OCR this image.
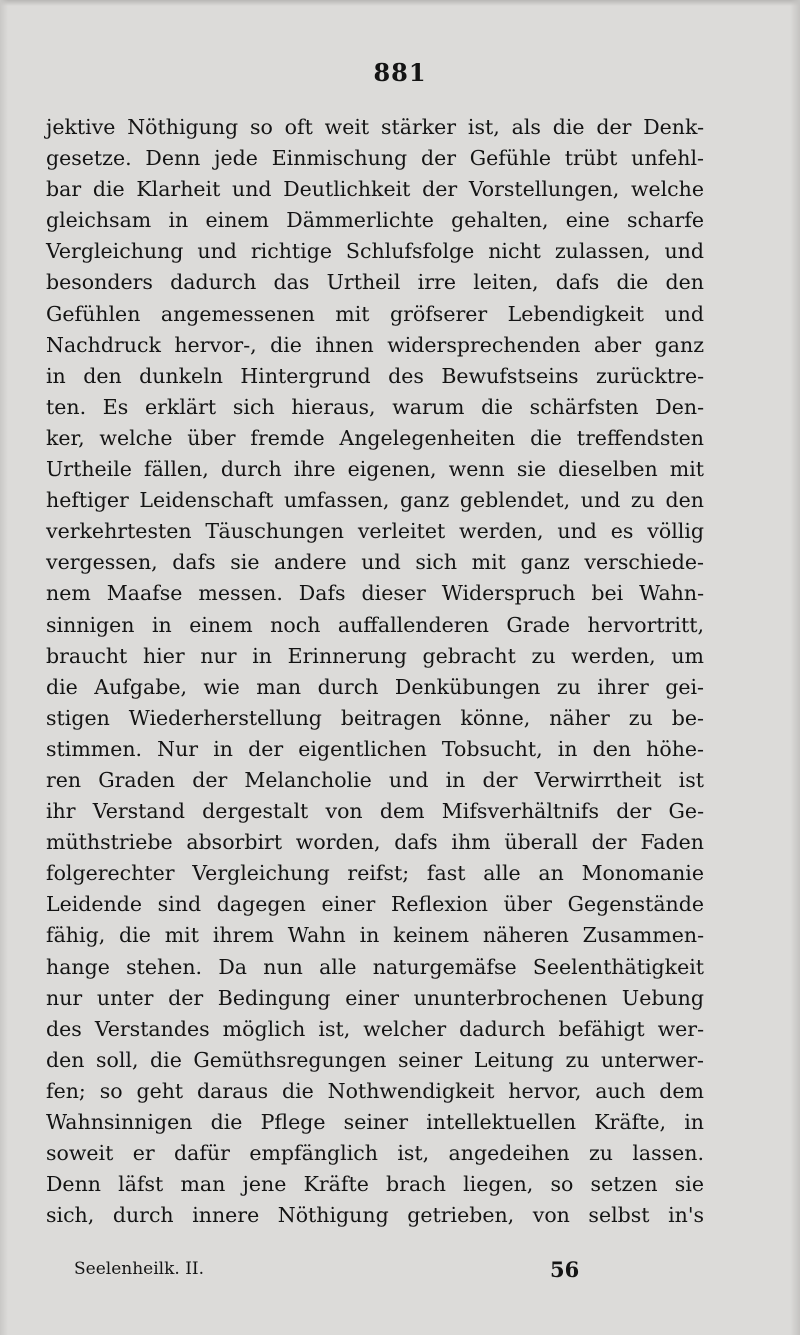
881
jektive Nöthigung so oft weit stärker ist, als die der Denk-
gesetze. Denn jede Einmischung der Gefühle trübt unfehl-
bar die Klarheit und Deutlichkeit der Vorstellungen, welche
gleichsam in einem Dämmerlichte gehalten, eine scharfe
Vergleichung und richtige Schlufsfolge nicht zulassen, und
besonders dadurch das Urtheil irre leiten, dafs die den
Gefühlen angemessenen mit gröfserer Lebendigkeit und
Nachdruck hervor-, die ihnen widersprechenden aber ganz
in den dunkeln Hintergrund des Bewufstseins zurücktre-
ten. Es erklärt sich hieraus, warum die schärfsten Den-
ker, welche über fremde Angelegenheiten die treffendsten
Urtheile fällen, durch ihre eigenen, wenn sie dieselben mit
heftiger Leidenschaft umfassen, ganz geblendet, und zu den
verkehrtesten Täuschungen verleitet werden, und es völlig
vergessen, dafs sie andere und sich mit ganz verschiede-
nem Maafse messen. Dafs dieser Widerspruch bei Wahn-
sinnigen in einem noch auffallenderen Grade hervortritt,
braucht hier nur in Erinnerung gebracht zu werden, um
die Aufgabe, wie man durch Denkübungen zu ihrer gei-
stigen Wiederherstellung beitragen könne, näher zu be-
stimmen. Nur in der eigentlichen Tobsucht, in den höhe-
ren Graden der Melancholie und in der Verwirrtheit ist
ihr Verstand dergestalt von dem Mifsverhältnifs der Ge-
müthstriebe absorbirt worden, dafs ihm überall der Faden
folgerechter Vergleichung reifst; fast alle an Monomanie
Leidende sind dagegen einer Reflexion über Gegenstände
fähig, die mit ihrem Wahn in keinem näheren Zusammen-
hange stehen. Da nun alle naturgemäfse Seelenthätigkeit
nur unter der Bedingung einer ununterbrochenen Uebung
des Verstandes möglich ist, welcher dadurch befähigt wer-
den soll, die Gemüthsregungen seiner Leitung zu unterwer-
fen; so geht daraus die Nothwendigkeit hervor, auch dem
Wahnsinnigen die Pflege seiner intellektuellen Kräfte, in
soweit er dafür empfänglich ist, angedeihen zu lassen.
Denn läfst man jene Kräfte brach liegen, so setzen sie
sich, durch innere Nöthigung getrieben, von selbst in's
Seelenheilk. II.	56
